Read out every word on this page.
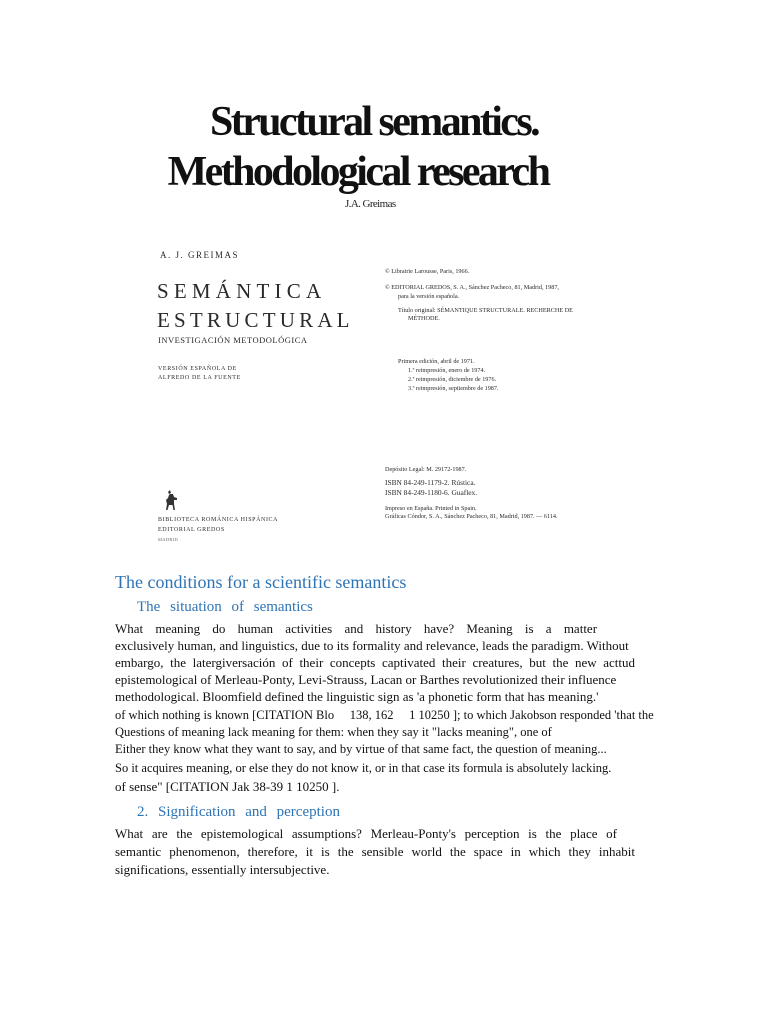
Structural semantics.
Methodological research
J.A. Greimas
A. J. GREIMAS
SEMÁNTICA
ESTRUCTURAL
INVESTIGACIÓN METODOLÓGICA
VERSIÓN ESPAÑOLA DE
ALFREDO DE LA FUENTE
BIBLIOTECA ROMÁNICA HISPÁNICA
EDITORIAL GREDOS
MADRID
© Librairie Larousse, Paris, 1966.
© EDITORIAL GREDOS, S. A., Sánchez Pacheco, 81, Madrid, 1987,
para la versión española.
Título original: SÉMANTIQUE STRUCTURALE. RECHERCHE DE
MÉTHODE.
Primera edición, abril de 1971.
1.ª reimpresión, enero de 1974.
2.ª reimpresión, diciembre de 1976.
3.ª reimpresión, septiembre de 1987.
Depósito Legal: M. 29172-1987.
ISBN 84-249-1179-2. Rústica.
ISBN 84-249-1180-6. Guaflex.
Impreso en España. Printed in Spain.
Gráficas Cóndor, S. A., Sánchez Pacheco, 81, Madrid, 1987. — 6114.
The conditions for a scientific semantics
The situation of semantics
What meaning do human activities and history have? Meaning is a matter
exclusively human, and linguistics, due to its formality and relevance, leads the paradigm. Without
embargo, the latergiversación of their concepts captivated their creatures, but the new acttud
epistemological of Merleau-Ponty, Levi-Strauss, Lacan or Barthes revolutionized their influence
methodological. Bloomfield defined the linguistic sign as 'a phonetic form that has meaning.'
of which nothing is known [CITATION Blo     138, 162     1 10250 ]; to which Jakobson responded 'that the
Questions of meaning lack meaning for them: when they say it "lacks meaning", one of
Either they know what they want to say, and by virtue of that same fact, the question of meaning...
So it acquires meaning, or else they do not know it, or in that case its formula is absolutely lacking.
of sense" [CITATION Jak 38-39 1 10250 ].
2. Signification and perception
What are the epistemological assumptions? Merleau-Ponty's perception is the place of
semantic phenomenon, therefore, it is the sensible world the space in which they inhabit
significations, essentially intersubjective.
